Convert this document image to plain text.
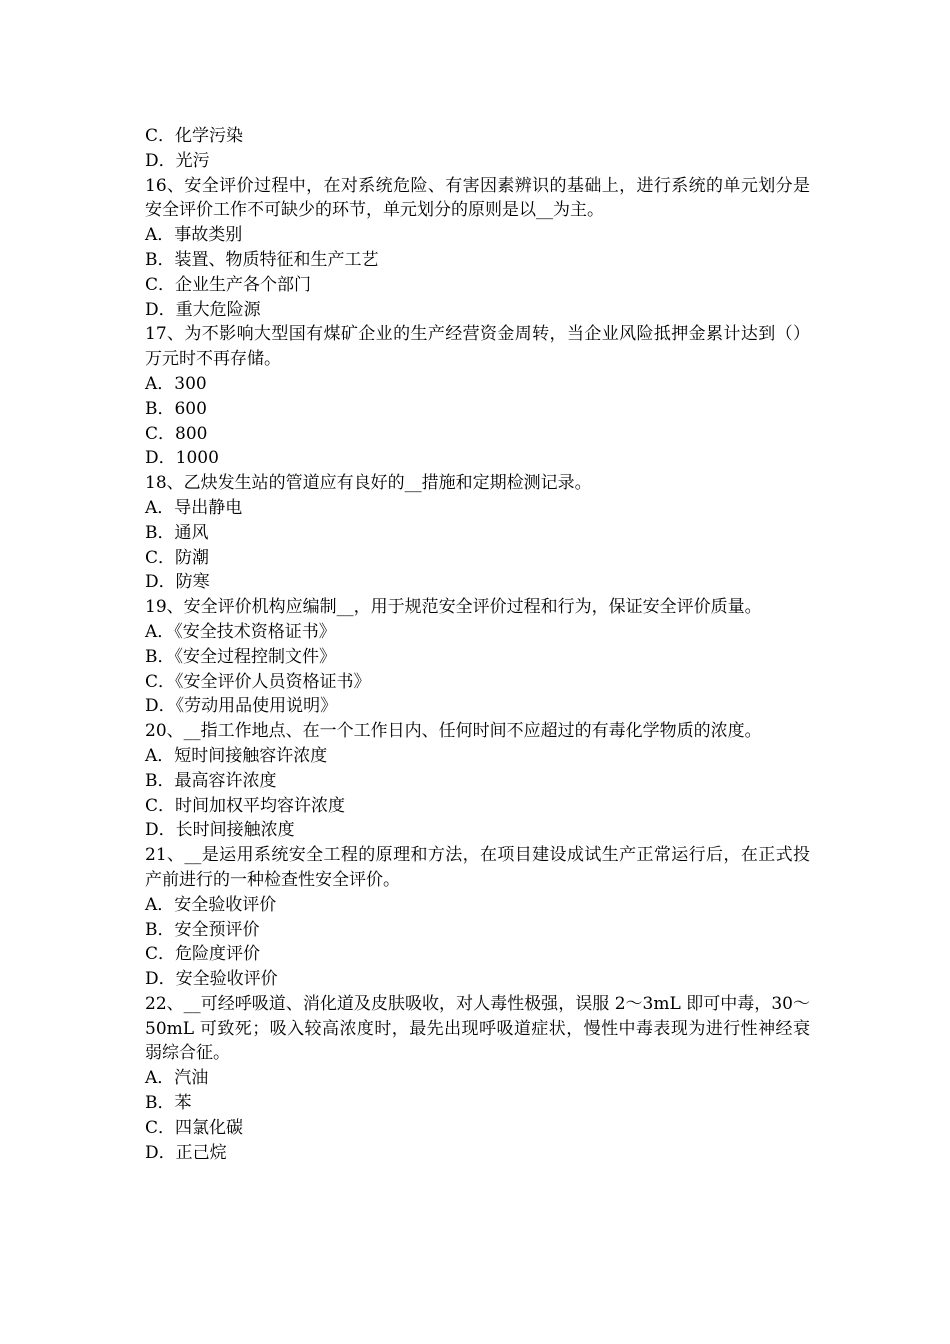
C．化学污染
D．光污
16、安全评价过程中，在对系统危险、有害因素辨识的基础上，进行系统的单元划分是安全评价工作不可缺少的环节，单元划分的原则是以__为主。
A．事故类别
B．装置、物质特征和生产工艺
C．企业生产各个部门
D．重大危险源
17、为不影响大型国有煤矿企业的生产经营资金周转，当企业风险抵押金累计达到（）万元时不再存储。
A．300
B．600
C．800
D．1000
18、乙炔发生站的管道应有良好的__措施和定期检测记录。
A．导出静电
B．通风
C．防潮
D．防寒
19、安全评价机构应编制__，用于规范安全评价过程和行为，保证安全评价质量。
A．《安全技术资格证书》
B．《安全过程控制文件》
C．《安全评价人员资格证书》
D．《劳动用品使用说明》
20、__指工作地点、在一个工作日内、任何时间不应超过的有毒化学物质的浓度。
A．短时间接触容许浓度
B．最高容许浓度
C．时间加权平均容许浓度
D．长时间接触浓度
21、__是运用系统安全工程的原理和方法，在项目建设成试生产正常运行后，在正式投产前进行的一种检查性安全评价。
A．安全验收评价
B．安全预评价
C．危险度评价
D．安全验收评价
22、__可经呼吸道、消化道及皮肤吸收，对人毒性极强，误服 2～3mL 即可中毒，30～ 50mL 可致死；吸入较高浓度时，最先出现呼吸道症状，慢性中毒表现为进行性神经衰弱综合征。
A．汽油
B．苯
C．四氯化碳
D．正己烷
